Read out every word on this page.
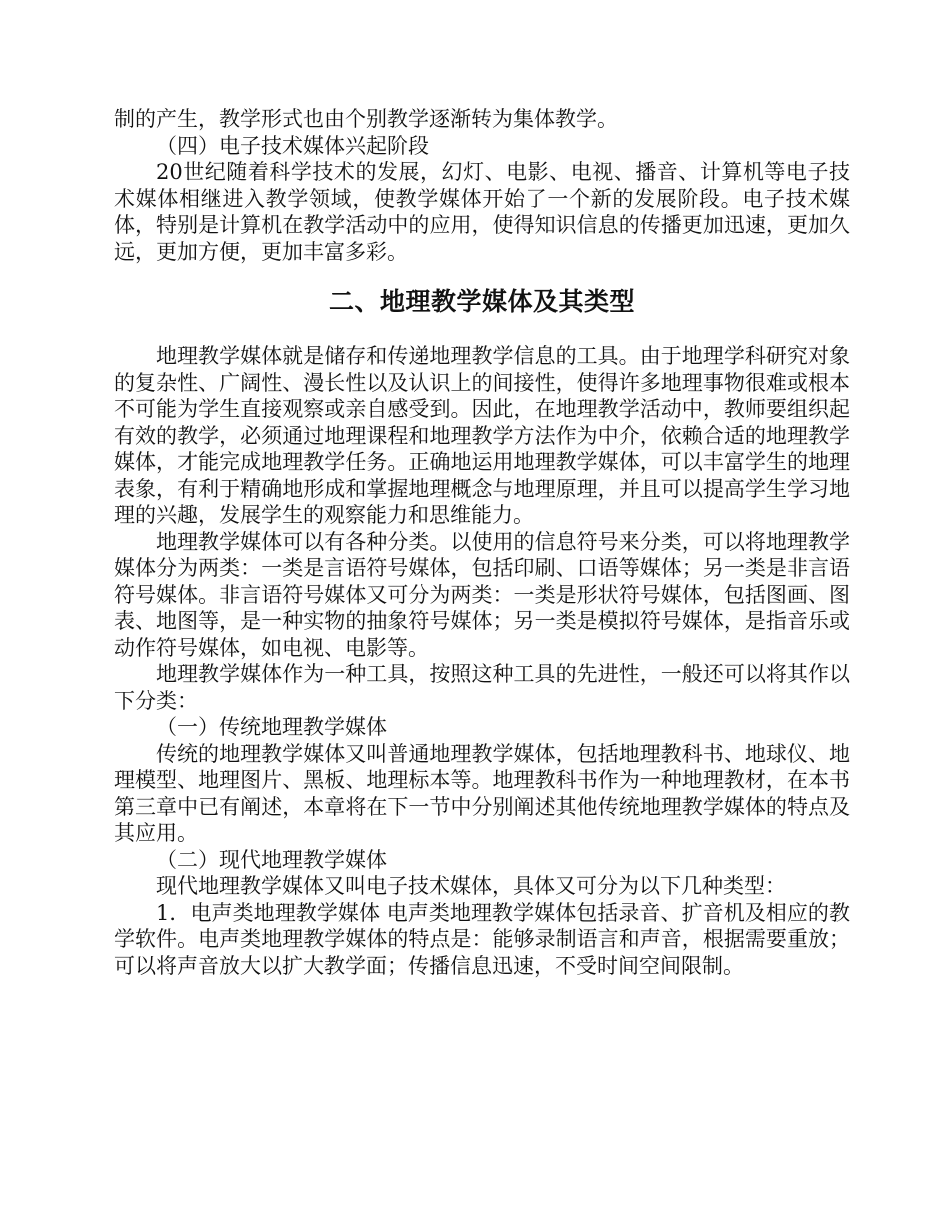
制的产生，教学形式也由个别教学逐渐转为集体教学。

（四）电子技术媒体兴起阶段

20世纪随着科学技术的发展，幻灯、电影、电视、播音、计算机等电子技术媒体相继进入教学领域，使教学媒体开始了一个新的发展阶段。电子技术媒体，特别是计算机在教学活动中的应用，使得知识信息的传播更加迅速，更加久远，更加方便，更加丰富多彩。

二、地理教学媒体及其类型

地理教学媒体就是储存和传递地理教学信息的工具。由于地理学科研究对象的复杂性、广阔性、漫长性以及认识上的间接性，使得许多地理事物很难或根本不可能为学生直接观察或亲自感受到。因此，在地理教学活动中，教师要组织起有效的教学，必须通过地理课程和地理教学方法作为中介，依赖合适的地理教学媒体，才能完成地理教学任务。正确地运用地理教学媒体，可以丰富学生的地理表象，有利于精确地形成和掌握地理概念与地理原理，并且可以提高学生学习地理的兴趣，发展学生的观察能力和思维能力。

地理教学媒体可以有各种分类。以使用的信息符号来分类，可以将地理教学媒体分为两类：一类是言语符号媒体，包括印刷、口语等媒体；另一类是非言语符号媒体。非言语符号媒体又可分为两类：一类是形状符号媒体，包括图画、图表、地图等，是一种实物的抽象符号媒体；另一类是模拟符号媒体，是指音乐或动作符号媒体，如电视、电影等。

地理教学媒体作为一种工具，按照这种工具的先进性，一般还可以将其作以下分类：

（一）传统地理教学媒体

传统的地理教学媒体又叫普通地理教学媒体，包括地理教科书、地球仪、地理模型、地理图片、黑板、地理标本等。地理教科书作为一种地理教材，在本书第三章中已有阐述，本章将在下一节中分别阐述其他传统地理教学媒体的特点及其应用。

（二）现代地理教学媒体

现代地理教学媒体又叫电子技术媒体，具体又可分为以下几种类型：

1．电声类地理教学媒体 电声类地理教学媒体包括录音、扩音机及相应的教学软件。电声类地理教学媒体的特点是：能够录制语言和声音，根据需要重放；可以将声音放大以扩大教学面；传播信息迅速，不受时间空间限制。
